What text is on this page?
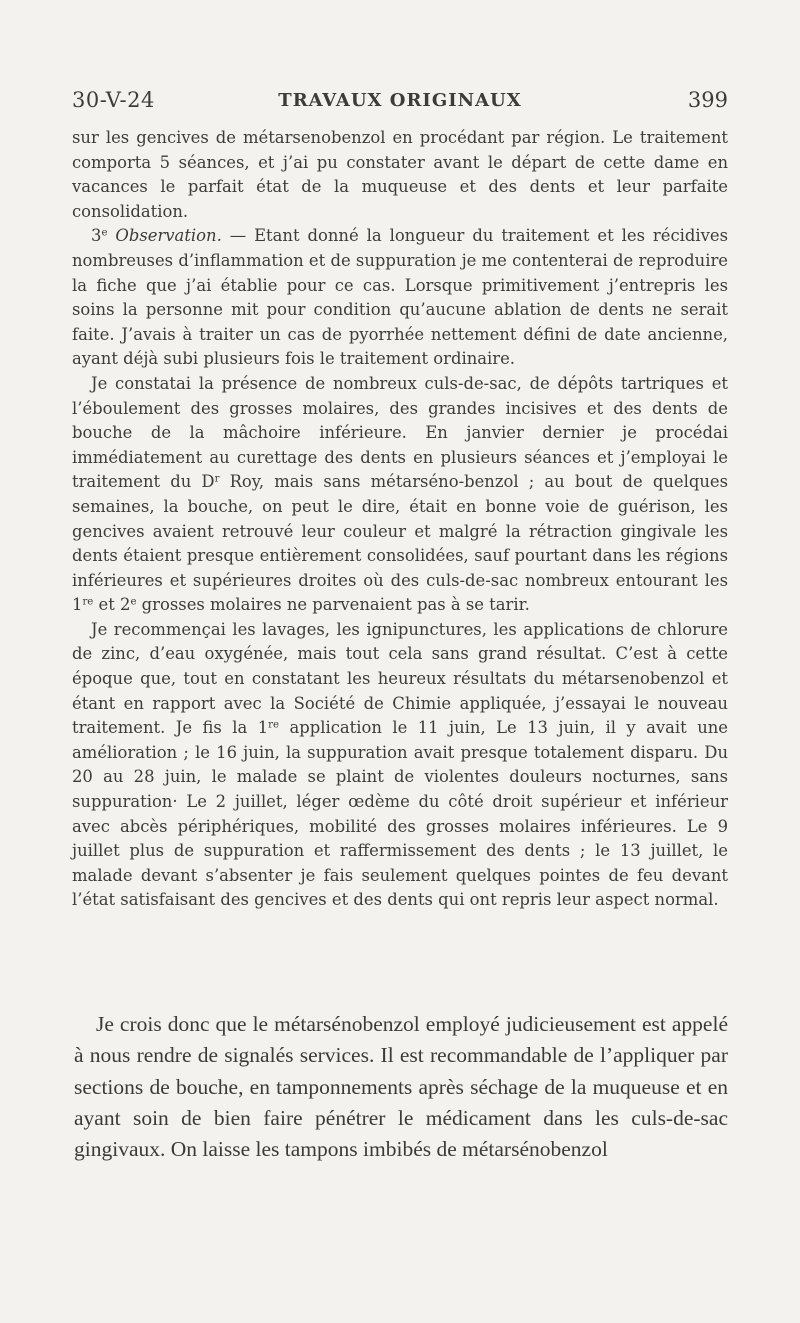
30-V-24	TRAVAUX ORIGINAUX	399

sur les gencives de métarsenobenzol en procédant par région. Le traitement comporta 5 séances, et j’ai pu constater avant le départ de cette dame en vacances le parfait état de la muqueuse et des dents et leur parfaite consolidation.

3e Observation. — Etant donné la longueur du traitement et les récidives nombreuses d’inflammation et de suppuration je me contenterai de reproduire la fiche que j’ai établie pour ce cas. Lorsque primitivement j’entrepris les soins la personne mit pour condition qu’aucune ablation de dents ne serait faite. J’avais à traiter un cas de pyorrhée nettement défini de date ancienne, ayant déjà subi plusieurs fois le traitement ordinaire.

Je constatai la présence de nombreux culs-de-sac, de dépôts tartriques et l’éboulement des grosses molaires, des grandes incisives et des dents de bouche de la mâchoire inférieure. En janvier dernier je procédai immédiatement au curettage des dents en plusieurs séances et j’employai le traitement du $D^r$ Roy, mais sans métarséno-benzol ; au bout de quelques semaines, la bouche, on peut le dire, était en bonne voie de guérison, les gencives avaient retrouvé leur couleur et malgré la rétraction gingivale les dents étaient presque entièrement consolidées, sauf pourtant dans les régions inférieures et supérieures droites où des culs-de-sac nombreux entourant les 1re et 2e grosses molaires ne parvenaient pas à se tarir.

Je recommençai les lavages, les ignipunctures, les applications de chlorure de zinc, d’eau oxygénée, mais tout cela sans grand résultat. C’est à cette époque que, tout en constatant les heureux résultats du métarsenobenzol et étant en rapport avec la Société de Chimie appliquée, j’essayai le nouveau traitement. Je fis la 1re application le 11 juin, Le 13 juin, il y avait une amélioration ; le 16 juin, la suppuration avait presque totalement disparu. Du 20 au 28 juin, le malade se plaint de violentes douleurs nocturnes, sans suppuration· Le 2 juillet, léger œdème du côté droit supérieur et inférieur avec abcès périphériques, mobilité des grosses molaires inférieures. Le 9 juillet plus de suppuration et raffermissement des dents ; le 13 juillet, le malade devant s’absenter je fais seulement quelques pointes de feu devant l’état satisfaisant des gencives et des dents qui ont repris leur aspect normal.

Je crois donc que le métarsénobenzol employé judicieusement est appelé à nous rendre de signalés services. Il est recommandable de l’appliquer par sections de bouche, en tamponnements après séchage de la muqueuse et en ayant soin de bien faire pénétrer le médicament dans les culs-de-sac gingivaux. On laisse les tampons imbibés de métarsénobenzol
